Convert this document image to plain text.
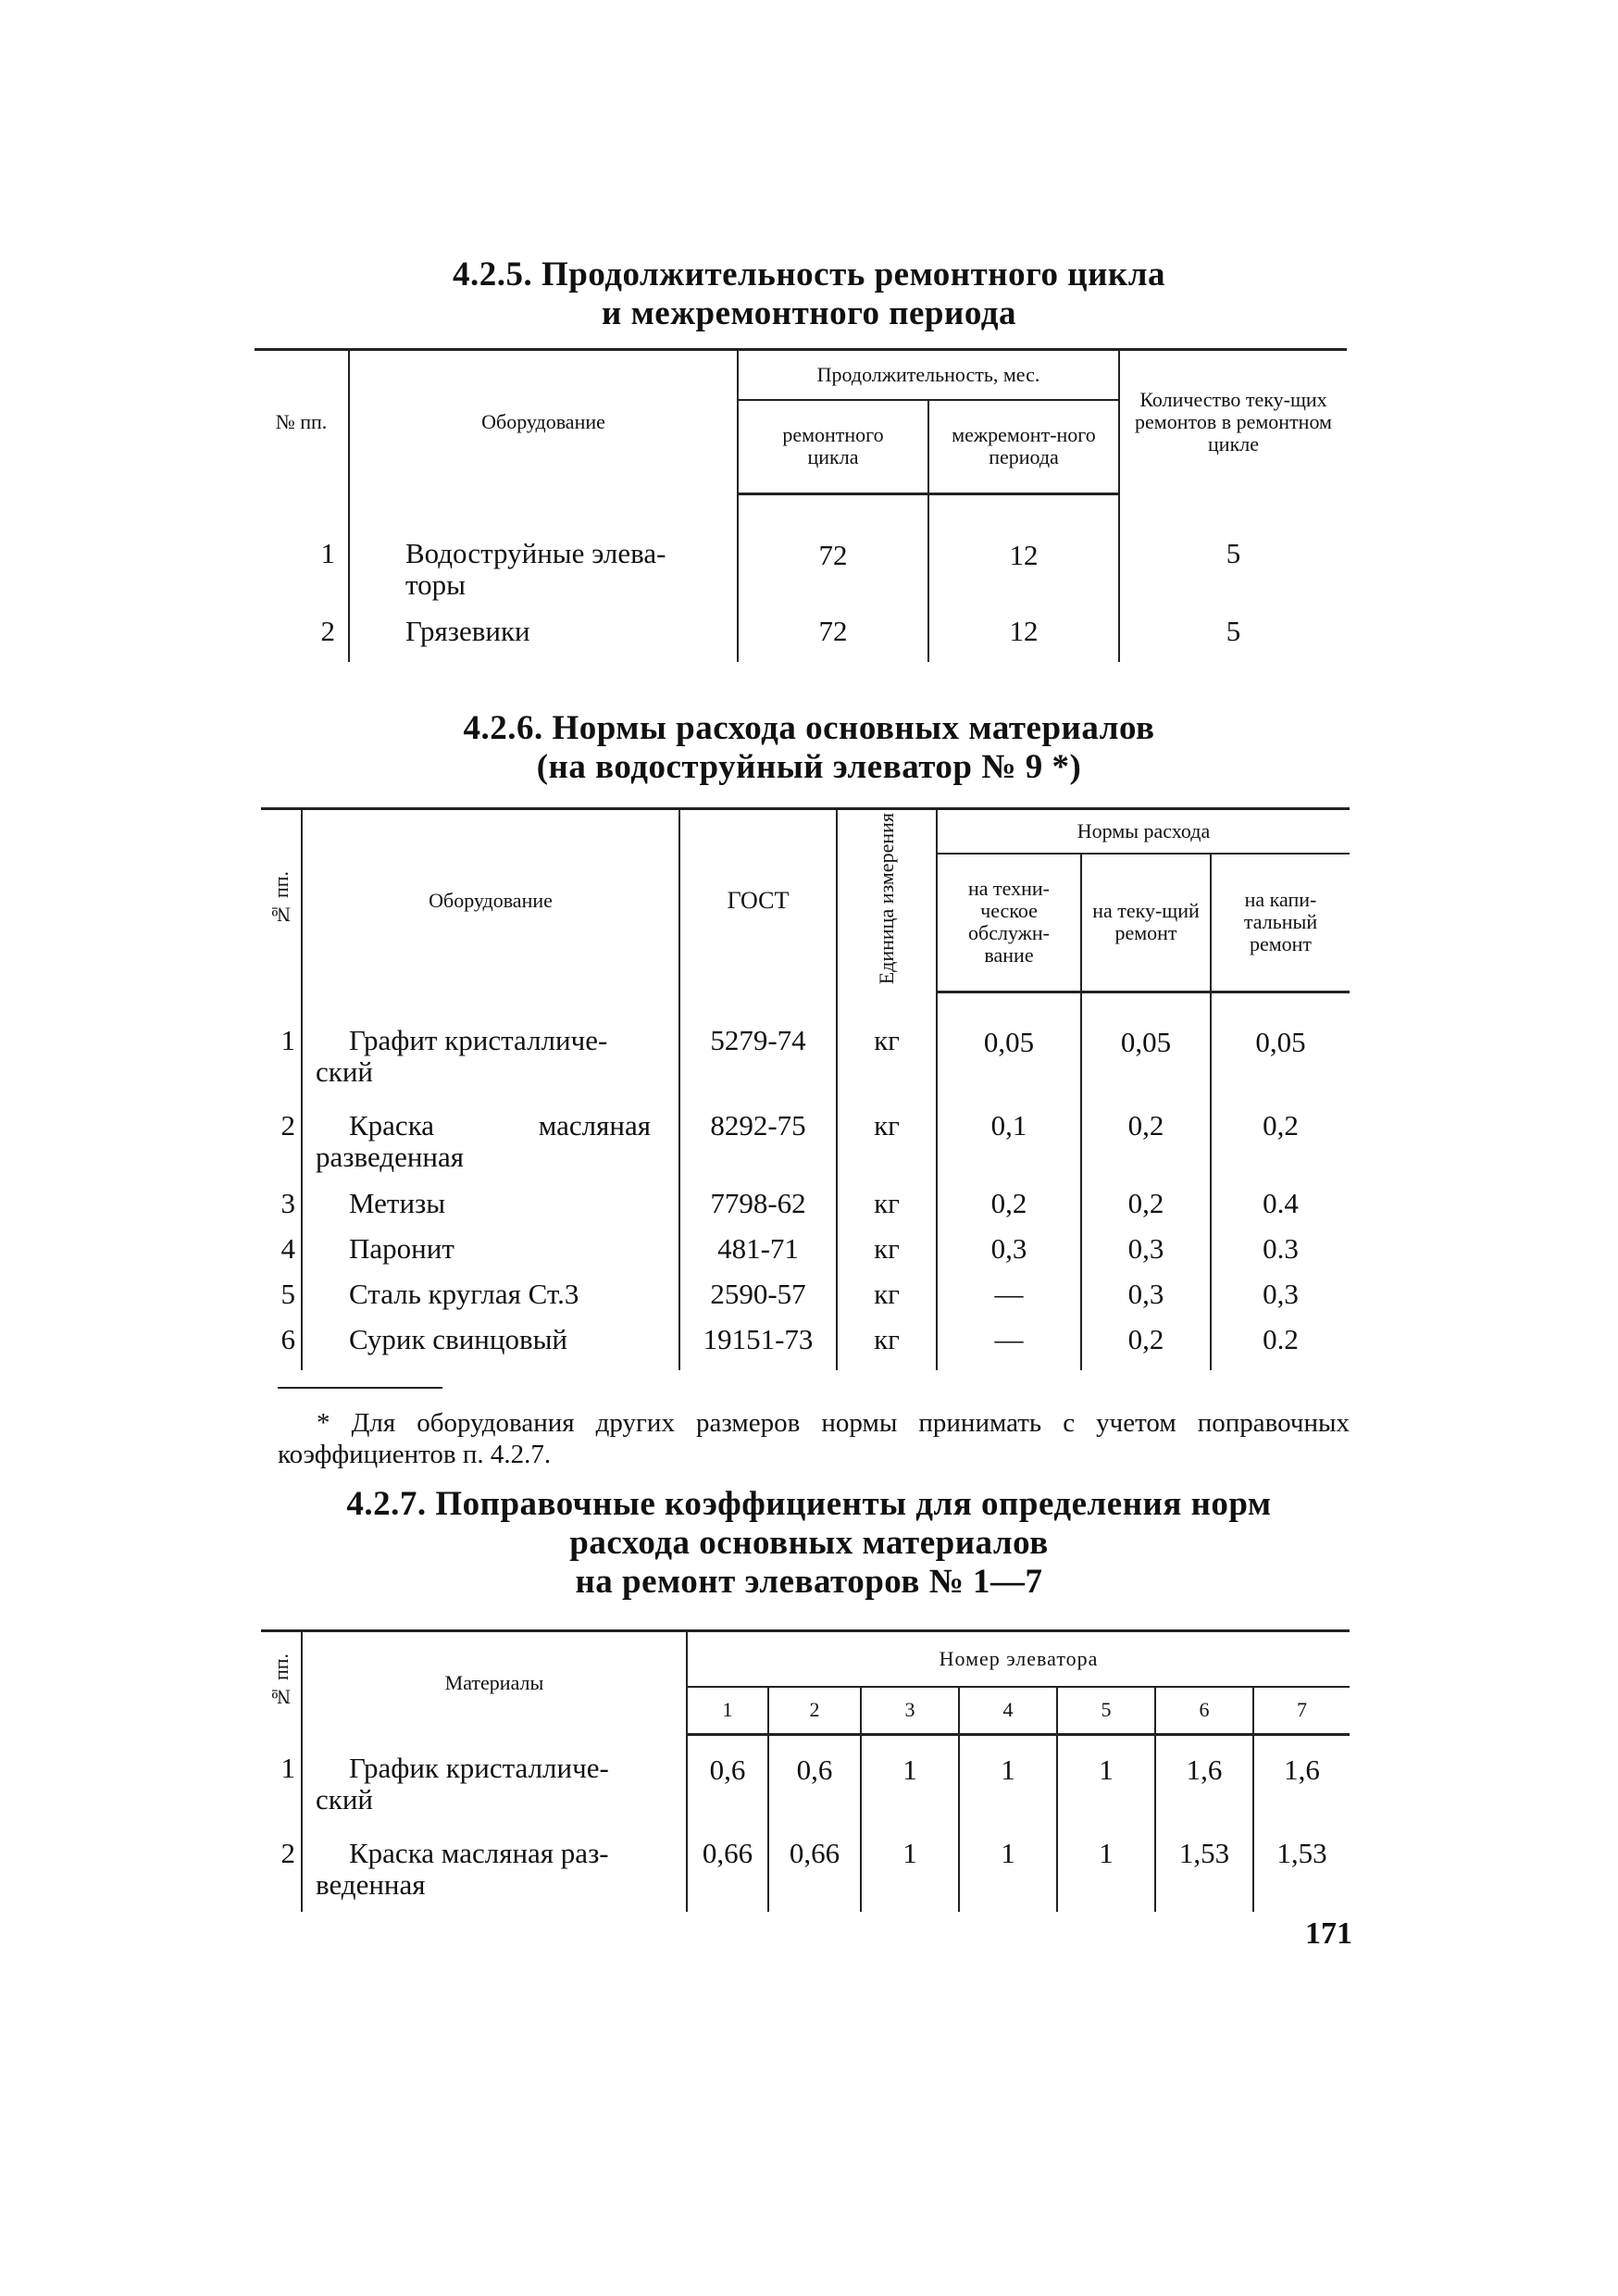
4.2.5. Продолжительность ремонтного цикла
и межремонтного периода
№ пп.	Оборудование	Продолжительность, мес.		Количество теку-щих ремонтов в ремонтном цикле
		ремонтного цикла	межремонт-ного периода	
1	Водоструйные элева-торы	72	12	5
2	Грязевики	72	12	5
4.2.6. Нормы расхода основных материалов
(на водоструйный элеватор № 9 *)
№ пп.	Оборудование	ГОСТ	Единица измерения	Нормы расхода		
				на техни-ческое обслужн-вание	на теку-щий ремонт	на капи-тальный ремонт
1	Графит кристалличе-ский	5279-74	кг	0,05	0,05	0,05
2	Краска масляная разведенная	8292-75	кг	0,1	0,2	0,2
3	Метизы	7798-62	кг	0,2	0,2	0.4
4	Паронит	481-71	кг	0,3	0,3	0.3
5	Сталь круглая Ст.3	2590-57	кг	—	0,3	0,3
6	Сурик свинцовый	19151-73	кг	—	0,2	0.2
* Для оборудования других размеров нормы принимать с учетом поправочных коэффициентов п. 4.2.7.
4.2.7. Поправочные коэффициенты для определения норм
расхода основных материалов
на ремонт элеваторов № 1—7
№ пп.	Материалы	Номер элеватора						
		1	2	3	4	5	6	7
1	График кристалличе-ский	0,6	0,6	1	1	1	1,6	1,6
2	Краска масляная раз-веденная	0,66	0,66	1	1	1	1,53	1,53
171
